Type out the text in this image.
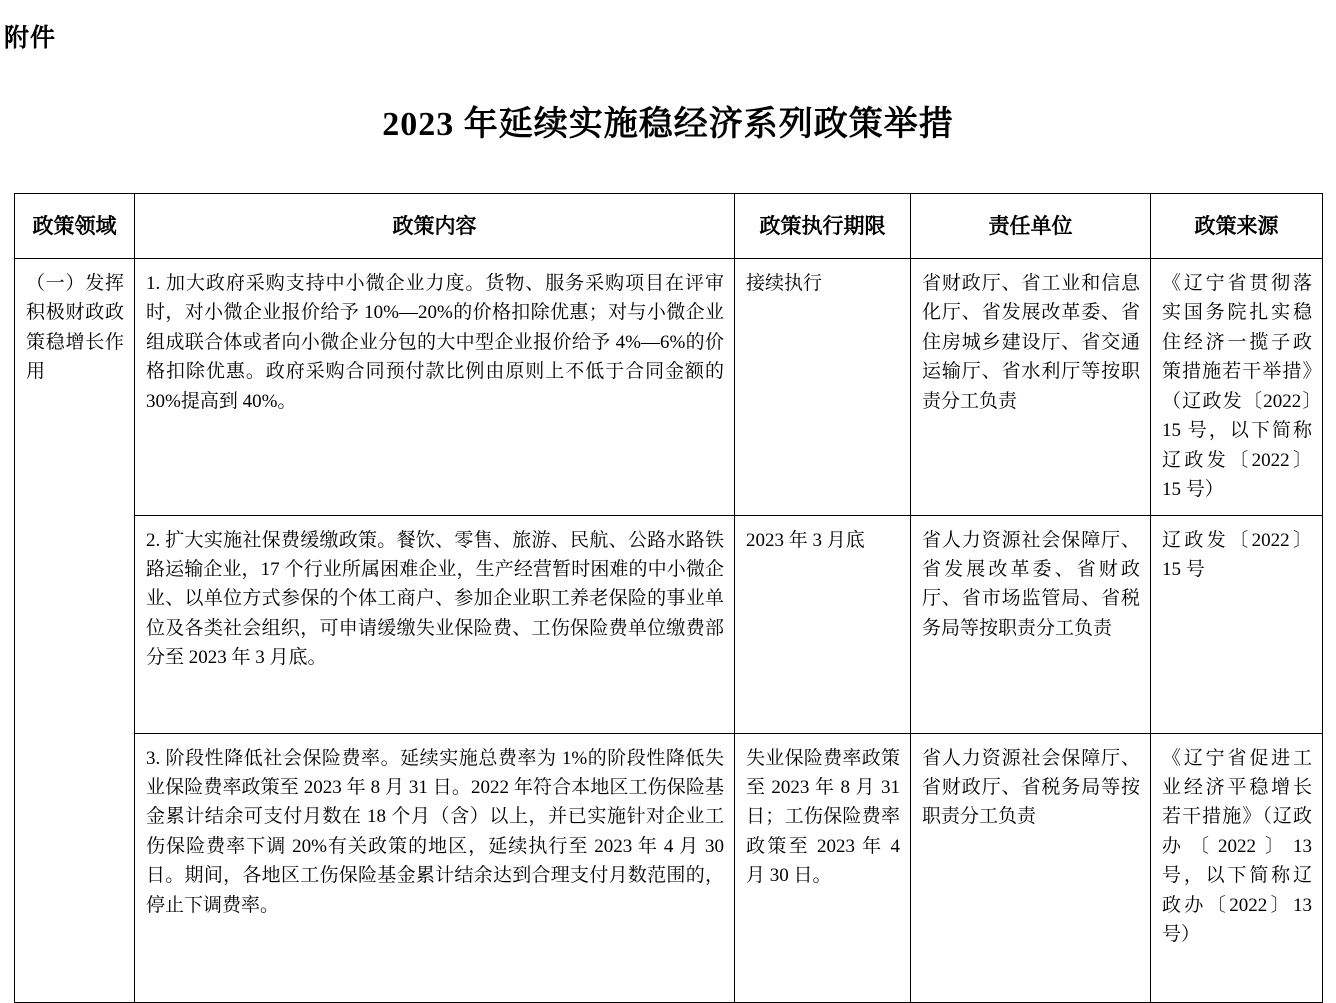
附件
2023 年延续实施稳经济系列政策举措
政策领域	政策内容	政策执行期限	责任单位	政策来源
（一）发挥积极财政政策稳增长作用	1. 加大政府采购支持中小微企业力度。货物、服务采购项目在评审时，对小微企业报价给予 10%—20%的价格扣除优惠；对与小微企业组成联合体或者向小微企业分包的大中型企业报价给予 4%—6%的价格扣除优惠。政府采购合同预付款比例由原则上不低于合同金额的 30%提高到 40%。	接续执行	省财政厅、省工业和信息化厅、省发展改革委、省住房城乡建设厅、省交通运输厅、省水利厅等按职责分工负责	《辽宁省贯彻落实国务院扎实稳住经济一揽子政策措施若干举措》（辽政发〔2022〕15 号，以下简称辽政发〔2022〕15 号）
	2. 扩大实施社保费缓缴政策。餐饮、零售、旅游、民航、公路水路铁路运输企业，17 个行业所属困难企业，生产经营暂时困难的中小微企业、以单位方式参保的个体工商户、参加企业职工养老保险的事业单位及各类社会组织，可申请缓缴失业保险费、工伤保险费单位缴费部分至 2023 年 3 月底。	2023 年 3 月底	省人力资源社会保障厅、省发展改革委、省财政厅、省市场监管局、省税务局等按职责分工负责	辽政发〔2022〕15 号
	3. 阶段性降低社会保险费率。延续实施总费率为 1%的阶段性降低失业保险费率政策至 2023 年 8 月 31 日。2022 年符合本地区工伤保险基金累计结余可支付月数在 18 个月（含）以上，并已实施针对企业工伤保险费率下调 20%有关政策的地区，延续执行至 2023 年 4 月 30 日。期间，各地区工伤保险基金累计结余达到合理支付月数范围的，停止下调费率。	失业保险费率政策至 2023 年 8 月 31 日；工伤保险费率政策至 2023 年 4 月 30 日。	省人力资源社会保障厅、省财政厅、省税务局等按职责分工负责	《辽宁省促进工业经济平稳增长若干措施》（辽政办〔2022〕13 号，以下简称辽政办〔2022〕13 号）
